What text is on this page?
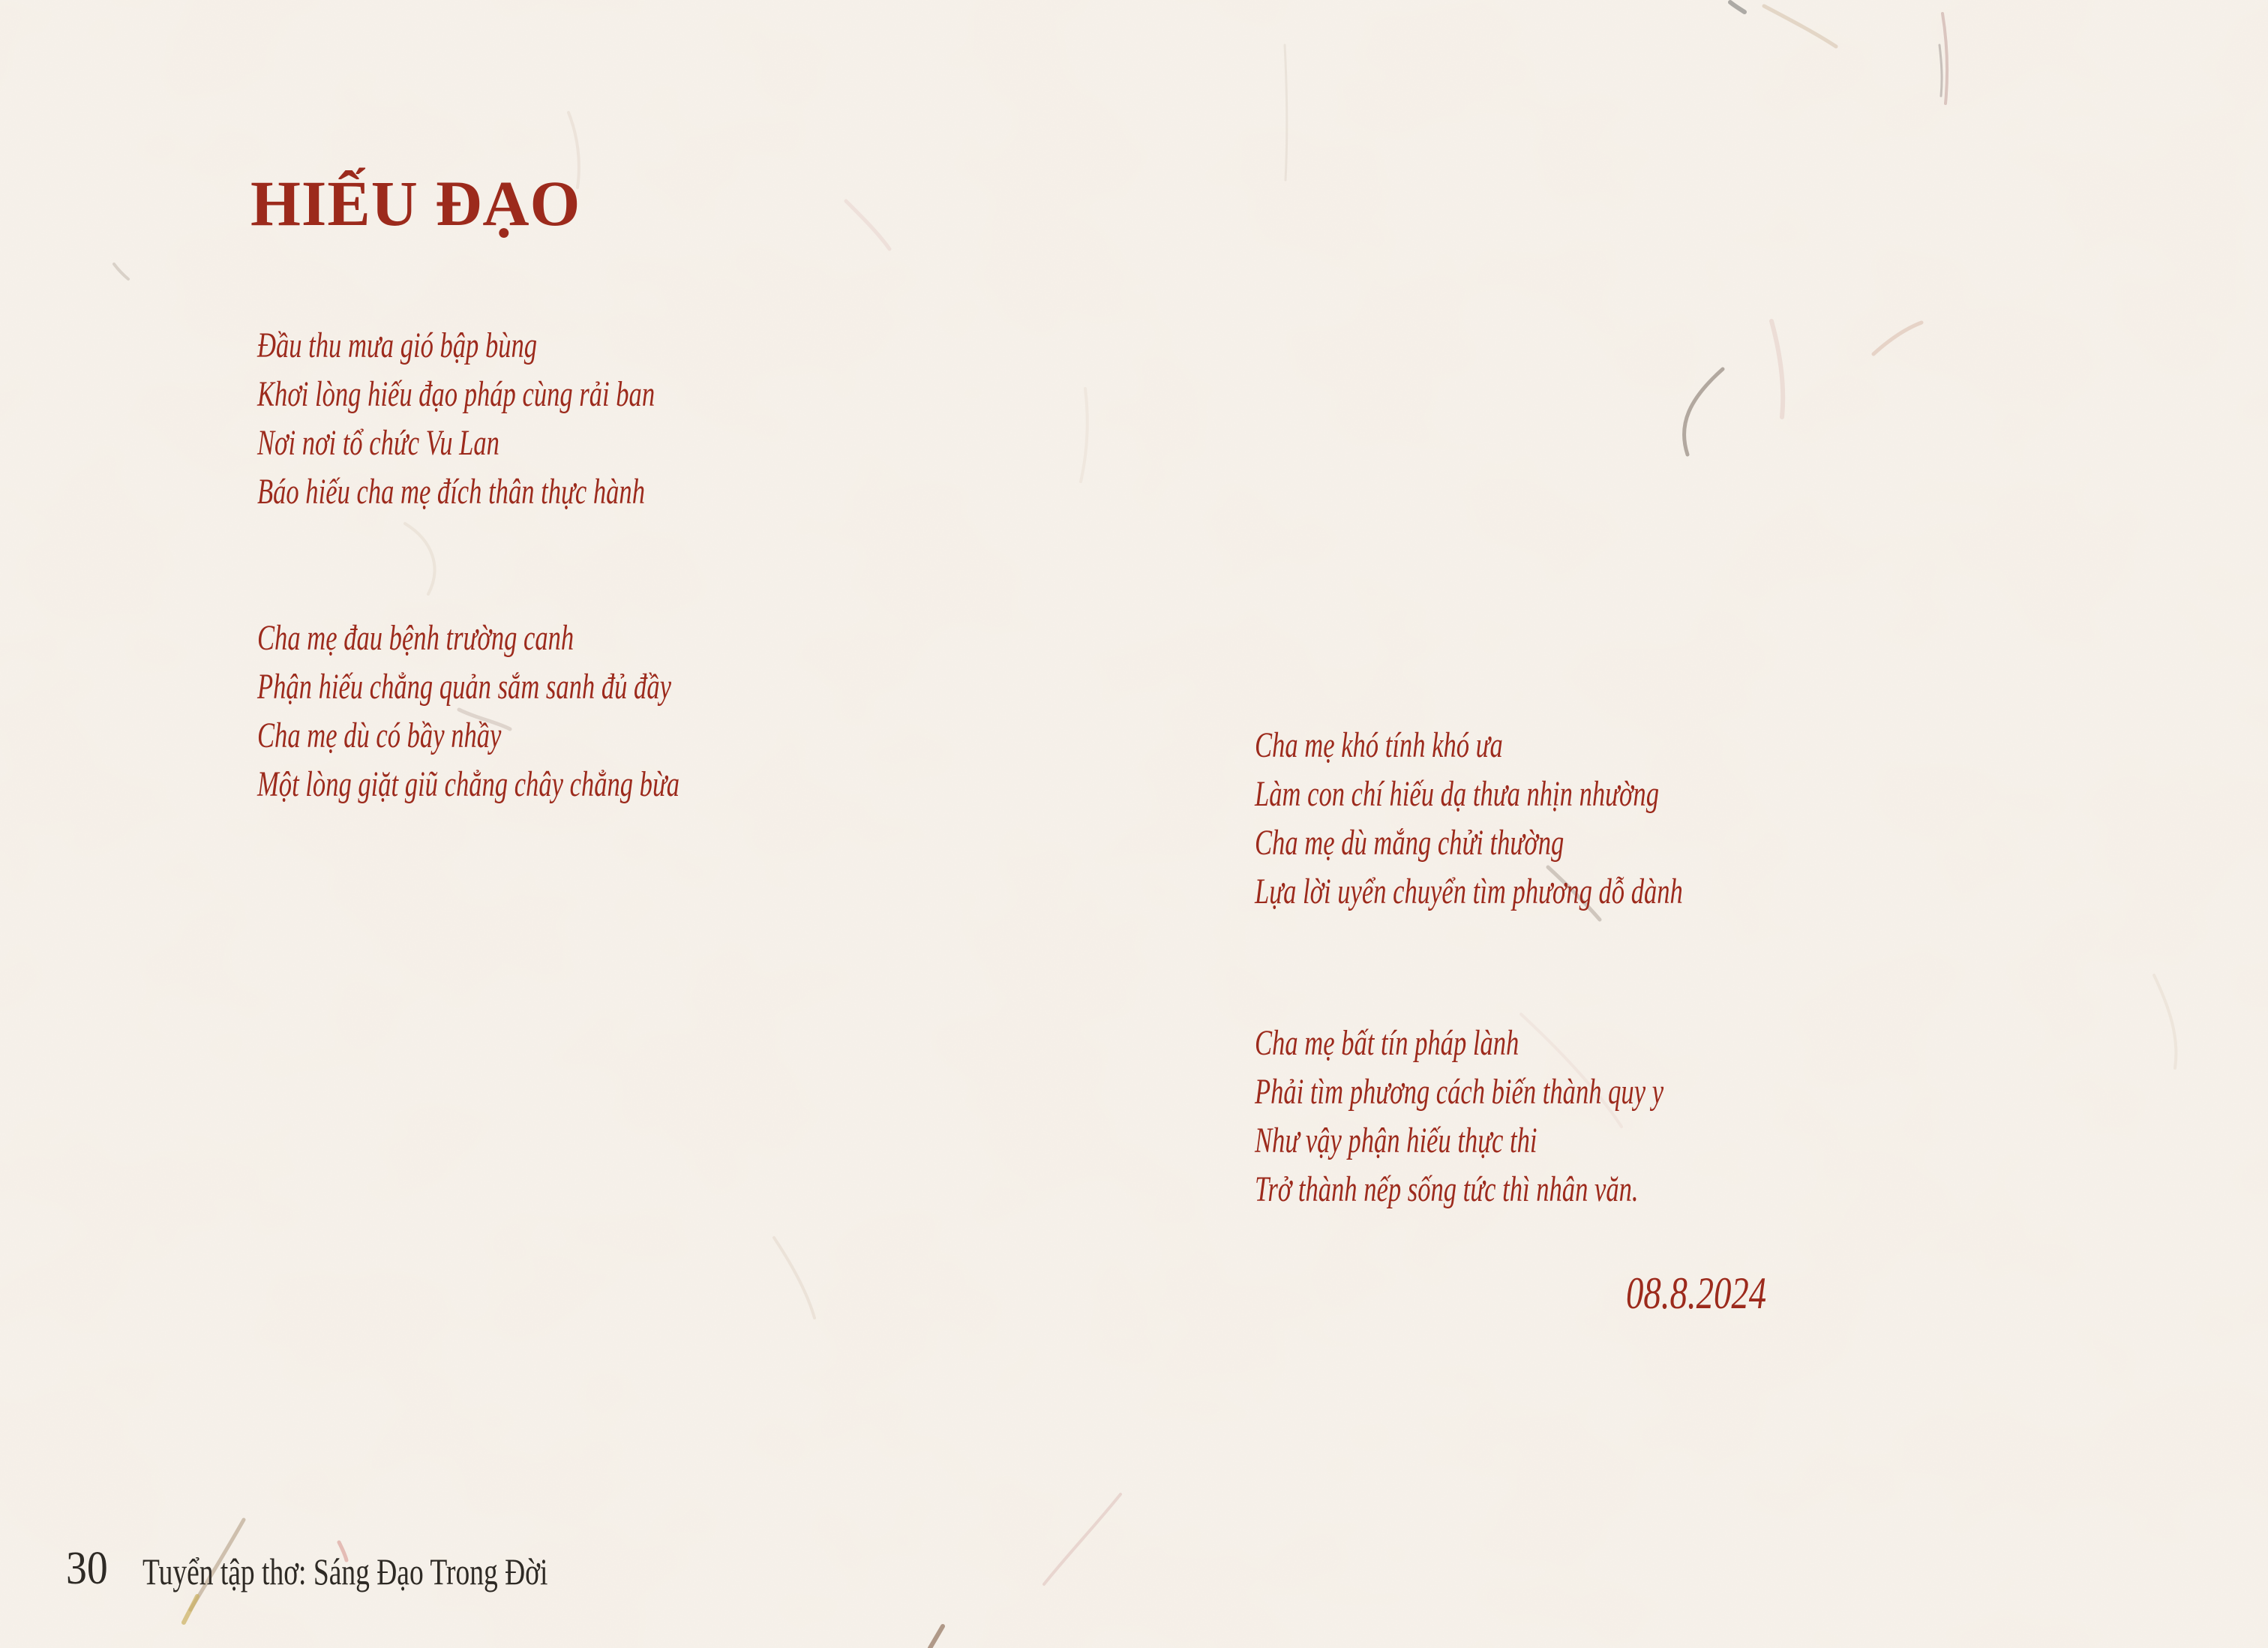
HIẾU ĐẠO
Đầu thu mưa gió bập bùng
Khơi lòng hiếu đạo pháp cùng rải ban
Nơi nơi tổ chức Vu Lan
Báo hiếu cha mẹ đích thân thực hành
Cha mẹ đau bệnh trường canh
Phận hiếu chẳng quản sắm sanh đủ đầy
Cha mẹ dù có bầy nhầy
Một lòng giặt giũ chẳng chây chẳng bừa
Cha mẹ khó tính khó ưa
Làm con chí hiếu dạ thưa nhịn nhường
Cha mẹ dù mắng chửi thường
Lựa lời uyển chuyển tìm phương dỗ dành
Cha mẹ bất tín pháp lành
Phải tìm phương cách biến thành quy y
Như vậy phận hiếu thực thi
Trở thành nếp sống tức thì nhân văn.
08.8.2024
30 Tuyển tập thơ: Sáng Đạo Trong Đời
